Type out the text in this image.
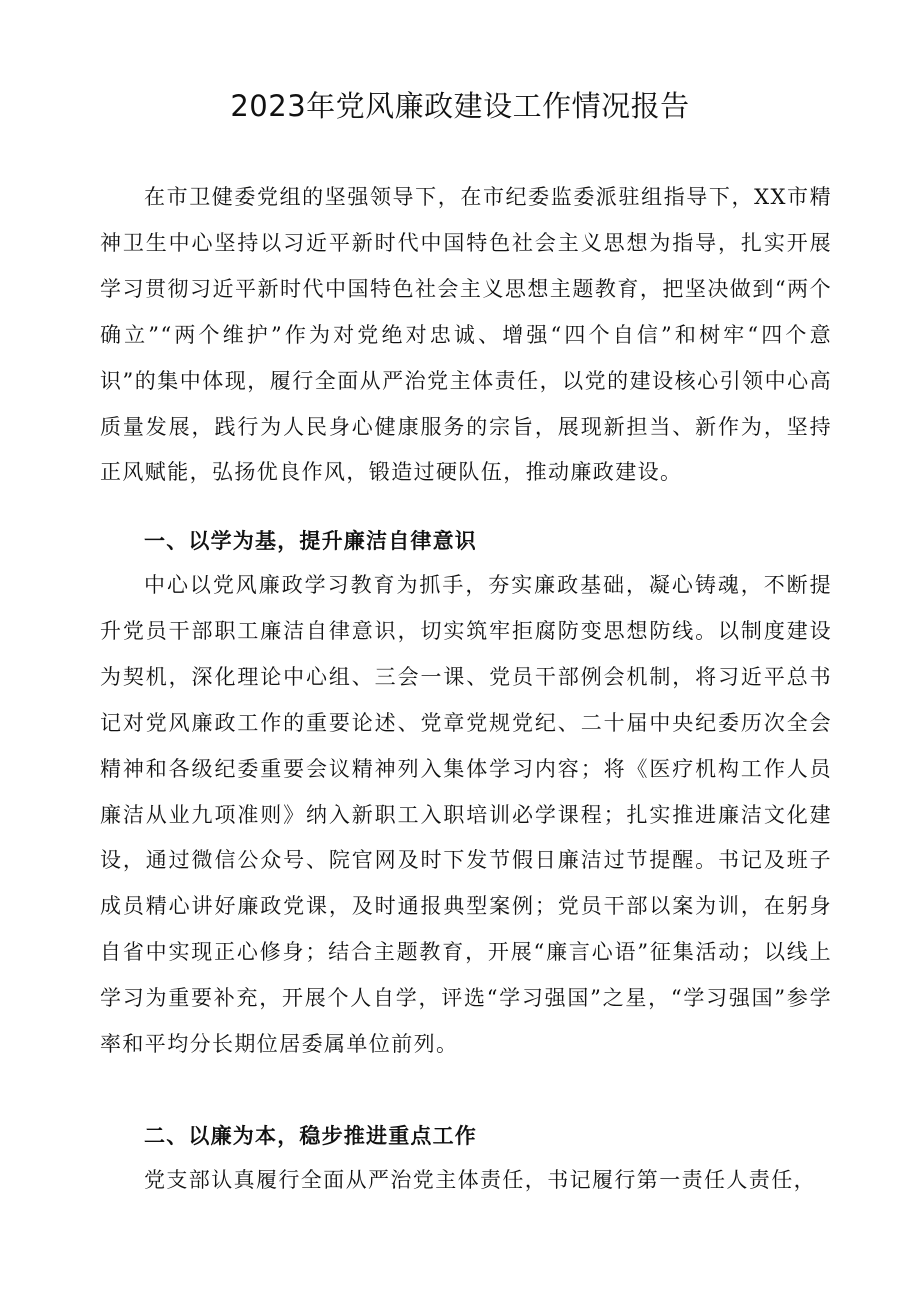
2023年党风廉政建设工作情况报告

在市卫健委党组的坚强领导下，在市纪委监委派驻组指导下，XX市精神卫生中心坚持以习近平新时代中国特色社会主义思想为指导，扎实开展学习贯彻习近平新时代中国特色社会主义思想主题教育，把坚决做到“两个确立”“两个维护”作为对党绝对忠诚、增强“四个自信”和树牢“四个意识”的集中体现，履行全面从严治党主体责任，以党的建设核心引领中心高质量发展，践行为人民身心健康服务的宗旨，展现新担当、新作为，坚持正风赋能，弘扬优良作风，锻造过硬队伍，推动廉政建设。

一、以学为基，提升廉洁自律意识

中心以党风廉政学习教育为抓手，夯实廉政基础，凝心铸魂，不断提升党员干部职工廉洁自律意识，切实筑牢拒腐防变思想防线。以制度建设为契机，深化理论中心组、三会一课、党员干部例会机制，将习近平总书记对党风廉政工作的重要论述、党章党规党纪、二十届中央纪委历次全会精神和各级纪委重要会议精神列入集体学习内容；将《医疗机构工作人员廉洁从业九项准则》纳入新职工入职培训必学课程；扎实推进廉洁文化建设，通过微信公众号、院官网及时下发节假日廉洁过节提醒。书记及班子成员精心讲好廉政党课，及时通报典型案例；党员干部以案为训，在躬身自省中实现正心修身；结合主题教育，开展“廉言心语”征集活动；以线上学习为重要补充，开展个人自学，评选“学习强国”之星，“学习强国”参学率和平均分长期位居委属单位前列。

二、以廉为本，稳步推进重点工作

党支部认真履行全面从严治党主体责任，书记履行第一责任人责任，
